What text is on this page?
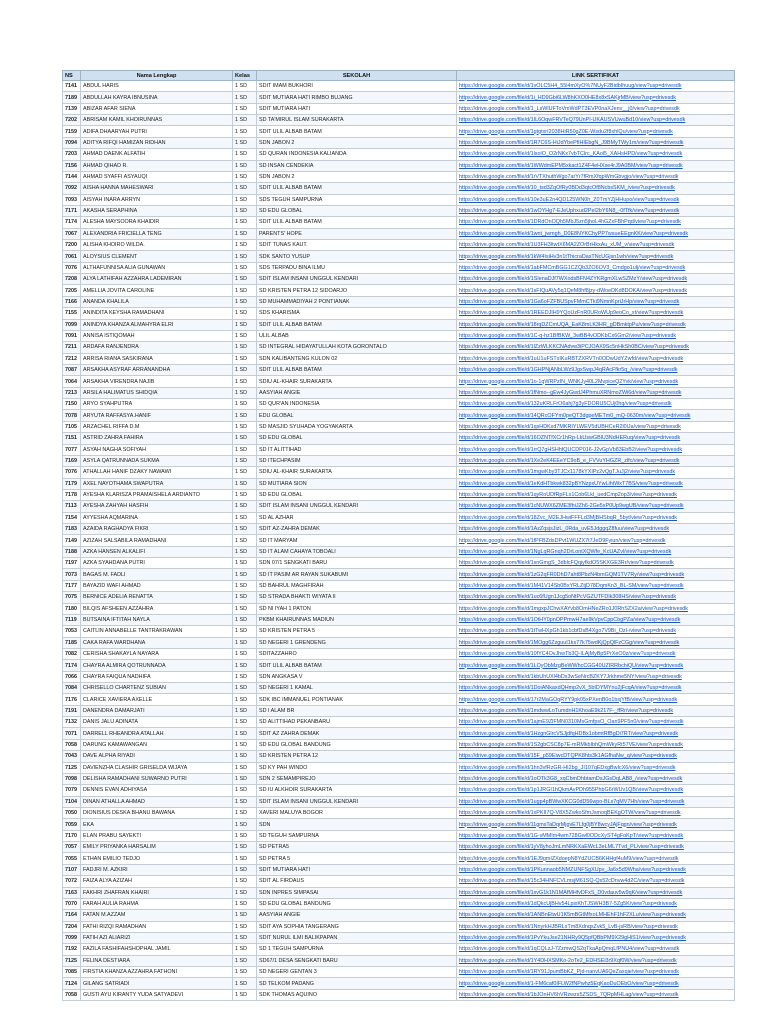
NS	Nama Lengkap	Kelas	SEKOLAH	LINK SERTIFIKAT
7141	ABDUL HARIS	1 SD	SDIT IMAM BUKHORI	https://drive.google.com/file/d/1vOLC5H4_55i4mXyO%7NUyF2BidbIhuug/view?usp=drivesdk
7189	ABDULLAH KAYRA IBNUSINA	1 SD	SDIT MUTIARA HATI RIMBO BUJANG	https://drive.google.com/file/d/1i_HD9Gbi6LW8hKXO0HE8x8xSAKjrMB/view?usp=drivesdk
7139	ABIZAR AFAR SIENA	1 SD	SDIT MUTIARA HATI	https://drive.google.com/file/d/1_LsWlUFToVmWdPT3EVP0naXJenv__j0/view?usp=drivesdk
7202	ABRISAM KAMIL KHOIRUNNAS	1 SD	SD TA'MIRUL ISLAM SURAKARTA	https://drive.google.com/file/d/1IL6OqwFRVTeQ79UnPI-UKAUSVUwuBd10/view?usp=drivesdk
7159	ADIFA DHAARYAH PUTRI	1 SD	SDIT ULIL ALBAB BATAM	https://drive.google.com/file/d/1gtgtxrI2038HiR50gZ0E-Wsdu2f8xhlQu/view?usp=drivesdk
7094	ADITYA RIFQI HAMIZAN RIDHAN	1 SD	SDN JABON 2	https://drive.google.com/file/d/1R7C6S-HiJdYbePfiHIEbgN_J9BMyTWy1m/view?usp=drivesdk
7203	AHMAD DAENK ALFATIH	1 SD	SD QURAN INDONESIA KALIANDA	https://drive.google.com/file/d/1lsoiO_O2rNKx7vbTClrc_KAol5_XAHsHPD/view?usp=drivesdk
7156	AHMAD QIHAD R.	1 SD	SD INSAN CENDEKIA	https://drive.google.com/file/d/1WWdmEPM5xkact1Z4F4eHXxe4rJ9A0BM/view?usp=drivesdk
7144	AHMAD SYAFFI ASYAUQI	1 SD	SDN JABON 2	https://drive.google.com/file/d/1rVTXhuthWgo7arYr7fRmXfqpWmGbvgjo/view?usp=drivesdk
7092	AISHA HANNA MAHESWARI	1 SD	SDIT ULIL ALBAB BATAM	https://drive.google.com/file/d/10_tsd3ZqOfRy0BDd3qtcOf8NcbsSKM_/view?usp=drivesdk
7093	AISYAH INARA ARRYN	1 SD	SDS TEGUH SAMPURNA	https://drive.google.com/file/d/10e3uE2n4QD125WN0h_Z0TmYZjHHupo/view?usp=drivesdk
7171	AKASHA SERAPHINA	1 SD	SD EDU GLOBAL	https://drive.google.com/file/d/1wOYHg7-EJeUphxud2PeI2bY6N8_-0fTfk/view?usp=drivesdk
7174	ALESHA MAYSOORA KHAIDIR	1 SD	SDIT ULIL ALBAB BATAM	https://drive.google.com/file/d/1DRdOnOQh5MbJ5zn5jhoL4hGZxFBhPqd/view?usp=drivesdk
7067	ALEXANDRIA FRICIELLA TENG	1 SD	PARENTS' HOPE	https://drive.google.com/file/d/1wnt_jwmgh_D0E8NYKChyPP7wsueEEgnKK/view?usp=drivesdk
7200	ALISHA KHOIRO WILDA.	1 SD	SDIT TUNAS KAUT.	https://drive.google.com/file/d/1U3FH3ItwtX6MA2ZOrBrHkxAu_xUM_v/view?usp=drivesdk
7061	ALOYSIUS CLEMENT	1 SD	SDK SANTO YUSUP	https://drive.google.com/file/d/1kW4IsiHv3n1tThicraDasTNcUGjsn1wh/view?usp=drivesdk
7076	ALTHAFUNNISA ALIA GUNAWAN	1 SD	SDS TERPADU BINA ILMU	https://drive.google.com/file/d/1abFMCmBGG1CZQb3ZO6OV3_Cmdgo1ulj/view?usp=drivesdk
7208	ALYA LATHIFAH AZZAHRA LADEMIRAN	1 SD	SDIT ISLAM INSANI UNGGUL KENDARI	https://drive.google.com/file/d/1SIenaDJf7WXodsBFN4ZYKRgmXLwSZMzY/view?usp=drivesdk
7205	AMELLIA JOVITA CAROLINE	1 SD	SD KRISTEN PETRA 12 SIDOARJO	https://drive.google.com/file/d/1sFIQuAVy5q1QeM8hf8jzy-dWoeDKd8DOKA/view?usp=drivesdk
7166	ANANDA KHALILA	1 SD	SD MUHAMMADIYAH 2 PONTIANAK	https://drive.google.com/file/d/1Ga6oFZFBUSpvFMmCTki9NmnKpriJrHp/view?usp=drivesdk
7155	ANINDITA KEYSHA RAMADHANI	1 SD	SDS KHARISMA	https://drive.google.com/file/d/1REEDJIH9YQoUzFnR0URoWUp9eoCo_xt/view?usp=drivesdk
7099	ANINDYA KHANZA ALMAHYRA ELRI	1 SD	SDIT ULIL ALBAB BATAM	https://drive.google.com/file/d/18rqDZCmUQA_EaK8mLK3HR_gDBmktpPu/view?usp=drivesdk
7091	ANNISA ISTIQOMAH	1 SD	ULIL ALBAB	https://drive.google.com/file/d/1C-q-hz1BfBKW_3wBB4vODKbCx6Gm2/view?usp=drivesdk
7211	ARDAFA RANJENDRA	1 SD	SD INTEGRAL HIDAYATULLAH KOTA GORONTALO	https://drive.google.com/file/d/1lZzWLKKCNAdvw3iPCJOAX9Sc5nHkSh0BC/view?usp=drivesdk
7212	ARRISA RIANA SASKIRANA	1 SD	SDN KALIBANTENG KULON 02	https://drive.google.com/file/d/1uU1uFSTxIKuRBTZXRVTn0ODwUdYZwfd/view?usp=drivesdk
7087	ARSAKHA ASYRAF ARRANANDHA	1 SD	SDIT ULIL ALBAB BATAM	https://drive.google.com/file/d/1GHPNjANbLWz9JgxSwpJ4qRAcFfkr5q_/view?usp=drivesdk
7064	ARSAKHA VIRENDRA NAJIB	1 SD	SDIU AL-KHAIR SURAKARTA	https://drive.google.com/file/d/1o-1qWRPzIN_WNKJy40L2MvpiceQ2Yvk/view?usp=drivesdk
7213	ARSILA HALIMATUS SHIDQIA	1 SD	AASYIAH ANGIE	https://drive.google.com/file/d/1fNmo--gEw4JyGwdJ4PhmuXRNmoZWi6d/view?usp=drivesdk
7150	ARYO SYAHPUTRA	1 SD	SD QUR'AN INDONESIA	https://drive.google.com/file/d/132uKRLFrO6ahj7g3yFDORU5CUj0hq/view?usp=drivesdk
7078	ARYUTA RAFFASYA.HANIF	1 SD	EDU GLOBAL	https://drive.google.com/file/d/14QRcOFYm0peQT3dgpeMETm0_mQ-0630m/view?usp=drivesdk
7105	ARZACHEL RIFFA D.M	1 SD	SD MASJID SYUHADA YOGYAKARTA	https://drive.google.com/file/d/1qsHDKxd7MKRIYLWEV5dUBHCeR2l0lJa/view?usp=drivesdk
7151	ASTRID ZAHRA FAHIRA	1 SD	SD EDU GLOBAL	https://drive.google.com/file/d/16OZNTfXCr1hRp-LkUswGBlU3NdHERuq/view?usp=drivesdk
7077	ASYAH NAGHA SOFIYAH	1 SD	SD IT ALITTIHAD	https://drive.google.com/file/d/1rrQ7gHSHhfQUCDP016-J2vGpVb83EbB2/view?usp=drivesdk
7169	ASYLA QATRUNNADA SUKMA	1 SD	SD ITECHPASIM	https://drive.google.com/file/d/1Xe2eK4EEeYC9oB_e_FVVuYHGZR_zlfc/view?usp=drivesdk
7076	ATHALLAH HANIF DZAKY NAWAWI	1 SD	SDIU AL-KHAIR SURAKARTA	https://drive.google.com/file/d/1mgwKby3TJCx1178kYXIPz2vQgTJuJj2/view?usp=drivesdk
7179	AXEL NAYOTHAMA SWAPUTRA	1 SD	SD MUTIARA SION	https://drive.google.com/file/d/1eKdHTbkwk832pBYNzpxUYwLihtWxT7BS/view?usp=drivesdk
7178	AYESHA KLARISZA PRAMAISHELA ARDIANTO	1 SD	SD EDU GLOBAL	https://drive.google.com/file/d/1qyRoUDfRpFLx1Cob6LkI_uedCmp2op3/view?usp=drivesdk
7113	AYESHA ZAHYAH HASFIH	1 SD	SDIT ISLAM INSANI UNGGUL KENDARI	https://drive.google.com/file/d/1cNUWX6ZME3fhiJZh6-2Ge5xP0Up9wgUB/view?usp=drivesdk
7154	AYYESHA AQMARINA	1 SD	SD AL AZHAR	https://drive.google.com/file/d/18Zvc_M2EJHwiFFFLd3MjBHSbqR_5byt/view?usp=drivesdk
7183	AZAIDA RAGHADYA FIKRI	1 SD	SDIT AZ-ZAHRA DEMAK	https://drive.google.com/file/d/1AzZqsjsJizL_0Rda_uvE5JdggqZ8fuu/view?usp=drivesdk
7149	AZIZAH SALSABILA RAMADHANI	1 SD	SD IT MARYAM	https://drive.google.com/file/d/1fPFBZdsDPvt1WUZX7t7JeD9Fyiun/view?usp=drivesdk
7188	AZKA HANSEN ALKALIFI	1 SD	SD IT ALAM CAHAYA TOBOALI	https://drive.google.com/file/d/1NgLqRGnqh2DrLontXQWfe_KcUAZvl/view?usp=drivesdk
7197	AZKA SYAHDANA PUTRI	1 SD	SDN 07/1 SENGKATI BARU	https://drive.google.com/file/d/1snGmgS_3dblcFQqiyfkdO5SKXGE3Rr/view?usp=drivesdk
7073	BAGAS M. FADLI	1 SD	SD IT PASIM AR RAYAN SUKABUMI	https://drive.google.com/file/d/1zG2qFR0DhD7aht8PbzN4bmGQM1TV7Ry/view?usp=drivesdk
7177	BAYAZID WAFI AHMAD	1 SD	SD BAHRUL MAGHFIRAH	https://drive.google.com/file/d/1M41V14Sb0BxYRLZtjD78DqmKn3_BL-SM/view?usp=drivesdk
7075	BERNICE ADELIA RENATTA	1 SD	SD STRADA BHAKTI WIYATA II	https://drive.google.com/file/d/1uc6fUgn1Jcg5oNtPcVGZUTFDIk308HS/view?usp=drivesdk
7180	BILQIS AFSHEEN AZZAHRA	1 SD	SD NI IYAH 1 PATON	https://drive.google.com/file/d/1mgxpJChwXAYvb8OmHNeZRo1J0RhSZX2a/view?usp=drivesdk
7119	BUTSAINA IFTITAH NAYLA	1 SD	PKBM KHAIRUNNAS MADIUN	https://drive.google.com/file/d/1OtHY0pnOPPmwH7ae9kVpvCppCbgPZa/view?usp=drivesdk
7053	CAITLIN ANNABELLE TANTRAKRAWAN	1 SD	SD KRISTEN PETRA 5	https://drive.google.com/file/d/1tTwHXpGh1kb1cbfDsB4Xgo7V9Bi_OzI-/view?usp=drivesdk
7185	CAKA RAFA WARDHANA	1 SD	SD NEGERI 1 GRENDENG	https://drive.google.com/file/d/1MOgg6ZzguuI1ks77k75wdKjQpQlFzCGg/view?usp=drivesdk
7082	CERISHA SHAKAYLA NAYARA	1 SD	SDITAZZAHRO	https://drive.google.com/file/d/10fYC4OvJhwTb3Q-ILAjMyBp5PrXeO0z/view?usp=drivesdk
7174	CHAYRA ALMIRA QOTRUNNADA	1 SD	SDIT ULIL ALBAB BATAM	https://drive.google.com/file/d/1LOyObMzgBeWWhcCGG40UZIRRbchiQU/view?usp=drivesdk
7066	CHAYRA FAIQUA NADHIFA	1 SD	SDN ANGKASA V	https://drive.google.com/file/d/1kbUhUXl4bDx3wSeNrcBZKY7Jrkhme5NY/view?usp=drivesdk
7084	CHRISELLO CHARTENZ SUBIAN	1 SD	SD NEGERI 1 KAMAL	https://drive.google.com/file/d/1DoiANkaxdQHmp2vX_5bIDYMYnu2jFcqA/view?usp=drivesdk
7176	CLARICE XAVIERA AXELLE	1 SD	SDK IBC IMMANUEL PONTIANAK	https://drive.google.com/file/d/17r2MaGOqRYY9pk05xPXenB0o1bsjYfB/view?usp=drivesdk
7191	DANENDRA DAMARJATI	1 SD	SD I ALAM BR	https://drive.google.com/file/d/1mdwwLoTumdnH1KhoaE9k217F-_ffRr/view?usp=drivesdk
7132	DANIS JALU ADINATA	1 SD	SD ALITTIHAD PEKANBARU	https://drive.google.com/file/d/1ajmE9ZlFMN0310MsGmfpsO_Oan9PF5n0/view?usp=drivesdk
7071	DARRELL RHEANDRA ATALLAH	1 SD	SDIT AZ ZAHRA DEMAK	https://drive.google.com/file/d/1HzgnGlrcVSJjdfqHDBx1obmtRfBgDi7RT/view?usp=drivesdk
7058	DARUNG KAMAWANGAN	1 SD	SD EDU GLOBAL BANDUNG	https://drive.google.com/file/d/1S2gbCSC8p7E-mRMkbIbhQmWkyRt57VE/view?usp=drivesdk
7043	DAVE ALPHA RIYADI	1 SD	SD KRISTEN PETRA 12	https://drive.google.com/file/d/15F_p59EiwcDTQPK8hts3k1AGfhaNw_q/view?usp=drivesdk
7125	DAVIENZHA CLASHIR GRISELDA WIJAYA	1 SD	SD KY PAH WINDO	https://drive.google.com/file/d/1hn3vfRzGR-HI2bg_JI107qEDxgBwIcX6/view?usp=drivesdk
7098	DELISHA RAMADHANI SUWARNO PUTRI	1 SD	SDN 2 SEMAMPIREJO	https://drive.google.com/file/d/1oOTk3G8_xqCbmDhbtamDsJGsDqLAB8_/view?usp=drivesdk
7079	DENNIS EVAN ADHIYASA	1 SD	SD IU ALKHOIR SURAKARTA	https://drive.google.com/file/d/1p1JRGI1hQkmAvPDh955PhbG6rWUv1QB/view?usp=drivesdk
7104	DINAN ATHALLA AHMAD	1 SD	SDIT ISLAM INSANI UNGGUL KENDARI	https://drive.google.com/file/d/1ugp4pBWwXKCG0dD56wpo-BLx7qMV7Hh/view?usp=drivesdk
7050	DIONISIUS DESKA BHANU BAWANA	1 SD	XAVERI MALUYA BOGOR	https://drive.google.com/file/d/1xPKII7Q-V8X5ZwkoSfmJsmoqBEKgOTW/view?usp=drivesdk
7059	EKA	1 SD	SDN	https://drive.google.com/file/d/11gmsTaDqrMjgvE7Lfg0jBY8wcyJAjFqgn/view?usp=drivesdk
7170	ELAN PRABU SAYEKTI	1 SD	SD TEGUH SAMPURNA	https://drive.google.com/file/d/1G-vMMIm4wm728Gwl0ODcXyST4gFoKpT/view?usp=drivesdk
7057	EMILY PRIYANKA HARSALIM	1 SD	SD PETRA5	https://drive.google.com/file/d/1yV8yhoJmLmNRKXaEWcL3eLML7Tvd_PL/view?usp=drivesdk
7055	ETHAN EMILIO TEDJO	1 SD	SD PETRA 5	https://drive.google.com/file/d/1EJ9gmIZXdoepN8YdZUCB6KHHgf4uM9/view?usp=drivesdk
7107	FADJRI M. AZKIRI	1 SD	SDIT MUTIARA HATI	https://drive.google.com/file/d/1PKunnaob5NMZUNFSgXUpv_Ja6x5d9Wha/view?usp=drivesdk
7072	FAIZA ALYA AZIZAH	1 SD	SDIT AL FIRDAUS	https://drive.google.com/file/d/15c34HNFCVLmsjM61SQ-Qs52cDnvw4d2C/view?usp=drivesdk
7163	FAKHRI ZHAFRAN KHAIRI	1 SD	SDN INPRES SIMPASAI	https://drive.google.com/file/d/1svG1k1N1MAfMHfvDFxS_D0vdauv5w9qK/view?usp=drivesdk
7070	FARAH AULIA RAHMA	1 SD	SD EDU GLOBAL BANDUNG	https://drive.google.com/file/d/1dQkcUjBHv54LpixKhTJSWH3B7-5Zg5K/view?usp=drivesdk
7164	FATAN M.AZZAM	1 SD	AASYIAH ANGIE	https://drive.google.com/file/d/1ANBnEtwU1K5mBGtMfxoLMHEhF1hF2XLu/view?usp=drivesdk
7204	FATHI RIZQI RAMADHAN	1 SD	SDIT AYA SOPHIA TANGERANG	https://drive.google.com/file/d/1NnyrkHJBRLxTm8XdnqxZvk5_LvB-jsRB/view?usp=drivesdk
7099	FATIH AZI ALIARIZI	1 SD	SDIT NURUL ILMI BALIKPAPAN	https://drive.google.com/file/d/1PvYkuJse21NHRy9Q5pfQBbPM9X29gHiS1/view?usp=drivesdk
7192	FAZILA FASHIFAHSHOPHAL JAMIL	1 SD	SD 1 TEGUH SAMPURNA	https://drive.google.com/file/d/1qCQLzJ-7ZzmwQS2qTkaApQmqLfPNU4/view?usp=drivesdk
7125	FELINA DESTIARA	1 SD	SD67/1 DESA SENGKATI BARU	https://drive.google.com/file/d/1Y4DHXSMKo-2oTe2_EDHSEi3r9Xqf0W/view?usp=drivesdk
7085	FIRSTIA KHANZA AZZAHRA FATHONI	1 SD	SD NEGERI GENTAN 3	https://drive.google.com/file/d/1RY91JpumBbKZ_Pjd-nanvUA6QeZaxqie/view?usp=drivesdk
7124	GILANG SATRIADI	1 SD	SD TELKOM PADANG	https://drive.google.com/file/d/1-FM6caf0IFLW2fNPwhz5EqKaoDuOEbO/view?usp=drivesdk
7058	GUSTI AYU KIRANTY YUDA SATYADEVI	1 SD	SDK THOMAS AQUINO	https://drive.google.com/file/d/1bJOnHV6hVRzwzs5ZSDS_7QRpMHLag/view?usp=drivesdk
